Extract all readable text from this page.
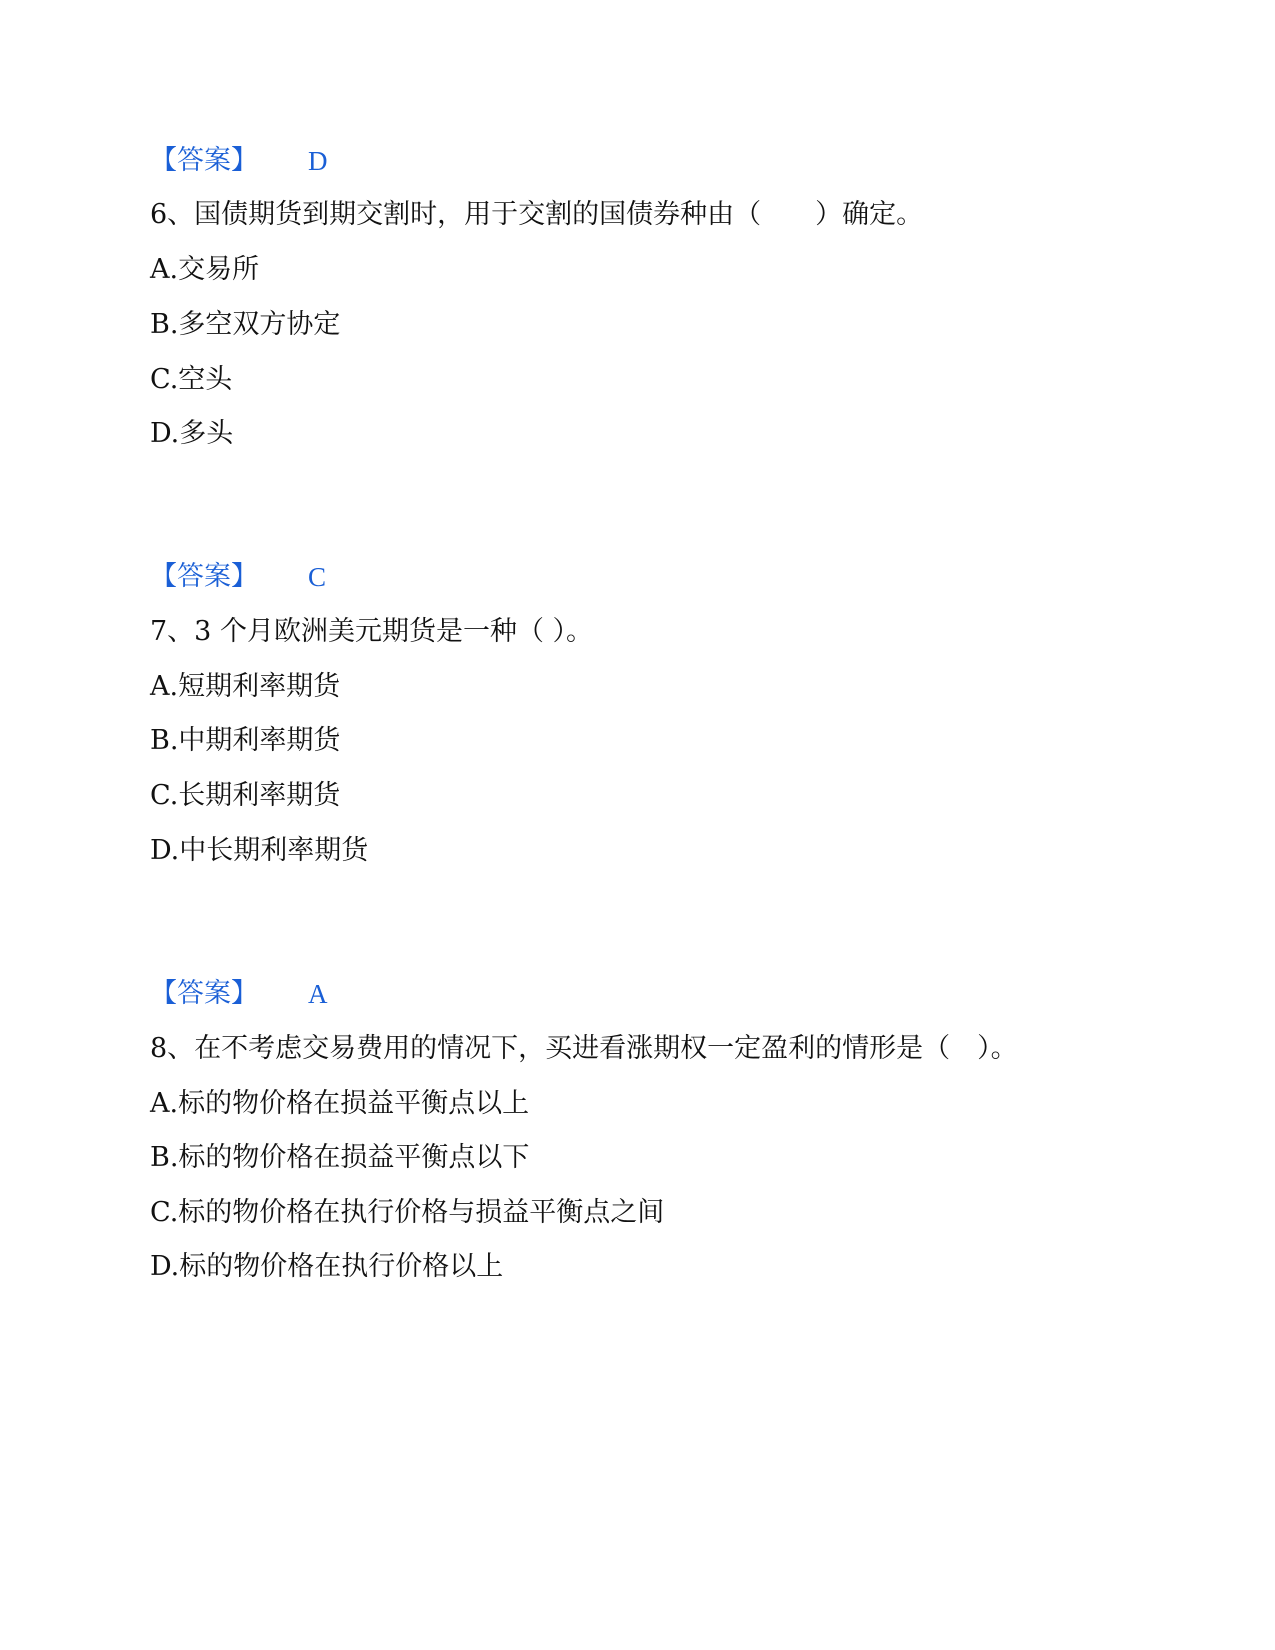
【答案】 D
6、国债期货到期交割时，用于交割的国债券种由（　　）确定。
A.交易所
B.多空双方协定
C.空头
D.多头
【答案】 C
7、3 个月欧洲美元期货是一种（ ）。
A.短期利率期货
B.中期利率期货
C.长期利率期货
D.中长期利率期货
【答案】 A
8、在不考虑交易费用的情况下，买进看涨期权一定盈利的情形是（　）。
A.标的物价格在损益平衡点以上
B.标的物价格在损益平衡点以下
C.标的物价格在执行价格与损益平衡点之间
D.标的物价格在执行价格以上
